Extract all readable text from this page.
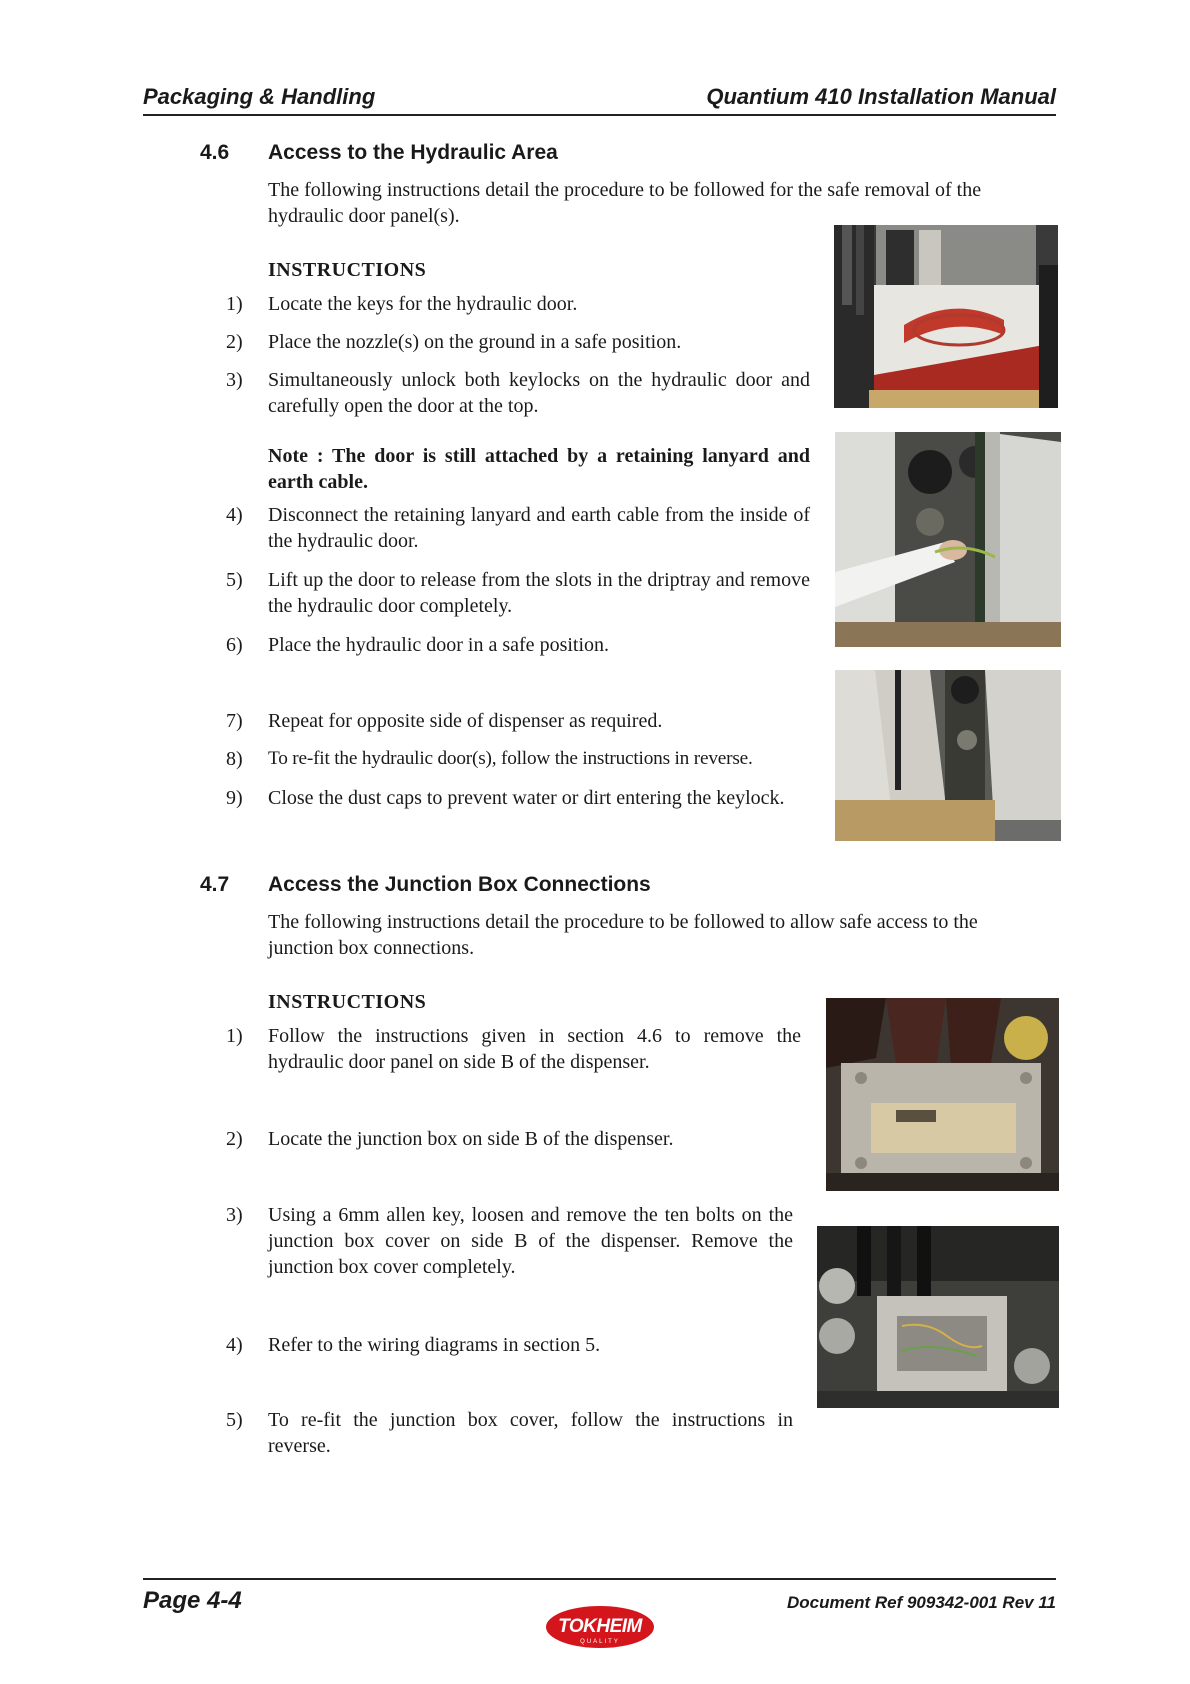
Packaging & Handling	Quantium 410 Installation Manual
4.6 Access to the Hydraulic Area
The following instructions detail the procedure to be followed for the safe removal of the
hydraulic door panel(s).
INSTRUCTIONS
1) Locate the keys for the hydraulic door.
2) Place the nozzle(s) on the ground in a safe position.
3) Simultaneously unlock both keylocks on the hydraulic door and carefully open the door at the top.
Note : The door is still attached by a retaining lanyard and earth cable.
4) Disconnect the retaining lanyard and earth cable from the inside of the hydraulic door.
5) Lift up the door to release from the slots in the driptray and remove the hydraulic door completely.
6) Place the hydraulic door in a safe position.
7) Repeat for opposite side of dispenser as required.
8) To re-fit the hydraulic door(s), follow the instructions in reverse.
9) Close the dust caps to prevent water or dirt entering the keylock.
4.7 Access the Junction Box Connections
The following instructions detail the procedure to be followed to allow safe access to the
junction box connections.
INSTRUCTIONS
1) Follow the instructions given in section 4.6 to remove the hydraulic door panel on side B of the dispenser.
2) Locate the junction box on side B of the dispenser.
3) Using a 6mm allen key, loosen and remove the ten bolts on the junction box cover on side B of the dispenser. Remove the junction box cover completely.
4) Refer to the wiring diagrams in section 5.
5) To re-fit the junction box cover, follow the instructions in reverse.
Page 4-4	Document Ref 909342-001 Rev 11
TOKHEIM
QUALITY
